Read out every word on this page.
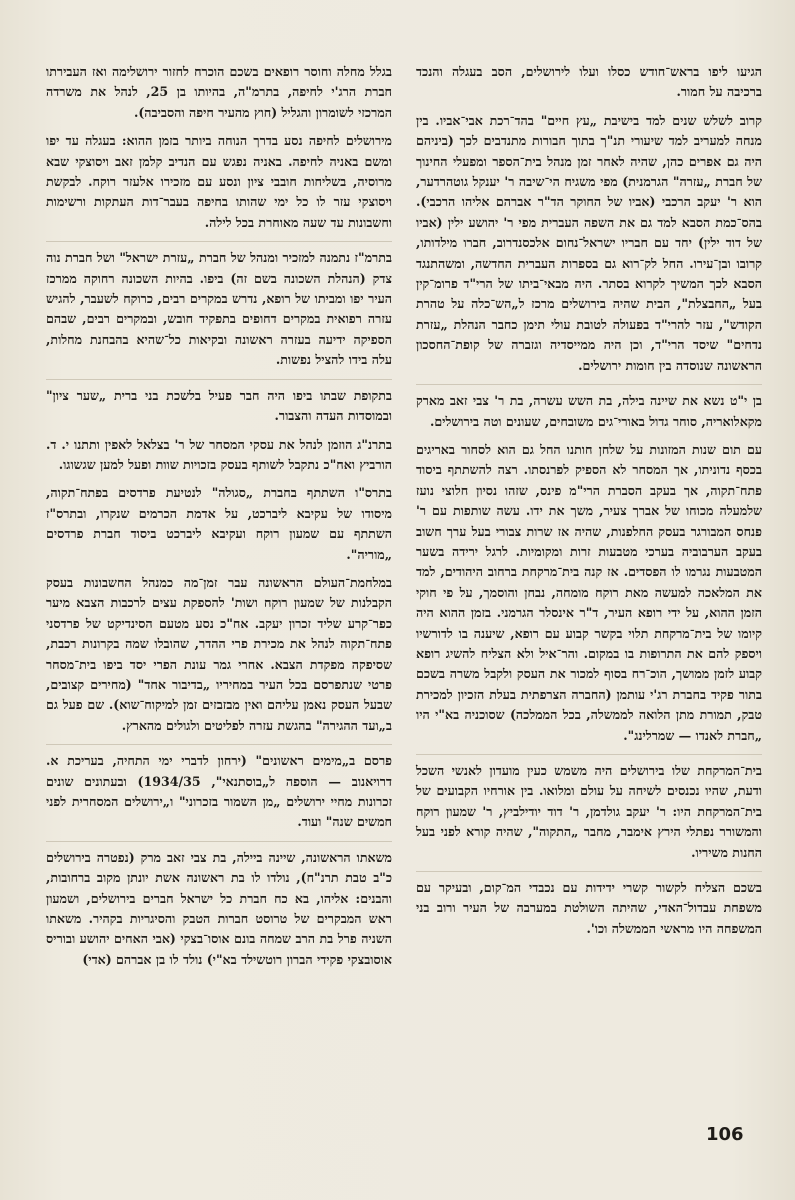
הגיעו ליפו בראש־חודש כסלו ועלו לירושלים, הסב בעגלה והנכד ברכיבה על חמור.

קרוב לשלש שנים למד בישיבת „עץ חיים" בהד־רכת אבי־אביו. בין מנחה למעריב למד שיעורי תנ"ך בתוך חבורות מתנדבים לכך (ביניהם היה גם אפרים כהן, שהיה לאחר זמן מנהל בית־הספר ומפעלי החינוך של חברת „עזרה" הגרמנית) מפי משגיח הי־שיבה ר' יענקל גוטהרדער, הוא ר' יעקב הרכבי (אביו של החוקר הד"ר אברהם אליהו הרכבי). בהס־כמת הסבא למד גם את השפה העברית מפי ר' יהושע ילין (אביו של דוד ילין) יחד עם חבריו ישראל־נחום אלכסנדרוב, חברו מילדותו, קרובו ובן־עירו. החל לק־רוא גם בספרות העברית החדשה, ומשהתנגד הסבא לכך המשיך לקרוא בסתר. היה מבאי־ביתו של הרי"ד פרומ־קין בעל „החבצלת", הבית שהיה בירושלים מרכז ל„הש־כלה על טהרת הקודש", עזר להרי"ד בפעולה לטובת עולי תימן כחבר הנהלת „עזרת נדחים" שיסד הרי"ד, וכן היה ממייסדיה וגזברה של קופת־החסכון הראשונה שנוסדה בין חומות ירושלים.

בן י"ט נשא את שיינה בילה, בת השש עשרה, בת ר' צבי זאב מארק מקאלואריה, סוחר גדול באורי־גים משובחים, שעונים וטה בירושלים.

עם תום שנות המזונות על שלחן חותנו החל גם הוא לסחור באריגים בכסף נדוניתו, אך המסחר לא הספיק לפרנסתו. רצה להשתתף ביסוד פתח־תקוה, אך בעקב הסברת הרי"מ פינס, שזהו נסיון חלוצי נועז שלמעלה מכוחו של אברך צעיר, משך את ידו. עשה שותפות עם ר' פנחס המבורגר בעסק החלפנות, שהיה אז שרות צבורי בעל ערך חשוב בעקב הערבוביה בערכי מטבעות זרות ומקומיות. לרגל ירידה בשער המטבעות נגרמו לו הפסדים. אז קנה בית־מרקחת ברחוב היהודים, למד את המלאכה למעשה מאת רוקח מומחה, נבחן והוסמך, על פי חוקי הזמן ההוא, על ידי רופא העיר, ד"ר אינסלר הגרמני. בזמן ההוא היה קיומו של בית־מרקחת תלוי בקשר קבוע עם רופא, שיענה בו לדורשיו ויספק להם את התרופות בו במקום. והר־איל ולא הצליח להשיג רופא קבוע לזמן ממושך, הוכ־רח בסוף למכור את העסק ולקבל משרה בשכם בתור פקיד בחברת רג'י עותמן (החברה הצרפתית בעלת הזכיון למכירת טבק, תמורת מתן הלואה לממשלה, בכל הממלכה) שסוכניה בא"י היו „חברת לאנדו — שמרלינג".

בית־המרקחת שלו בירושלים היה משמש כעין מועדון לאנשי השכל ודעת, שהיו נכנסים לשיחה על עולם ומלואו. בין אורחיו הקבועים של בית־המרקחת היו: ר' יעקב גולדמן, ר' דוד יודילביץ, ר' שמעון רוקח והמשורר נפתלי הירץ אימבר, מחבר „התקוה", שהיה קורא לפני בעל החנות משיריו.

בשכם הצליח לקשור קשרי ידידות עם נכבדי המ־קום, ובעיקר עם משפחת עבדול־האדי, שהיתה השולטת במערבה של העיר ורוב בני המשפחה היו מראשי הממשלה וכו'.

בגלל מחלה וחוסר רופאים בשכם הוכרח לחזור ירושלימה ואז העבירתו חברת הרג'י לחיפה, בתרמ"ה, בהיותו בן 25, לנהל את משרדה המרכזי לשומרון והגליל (חוץ מהעיר חיפה והסביבה).

מירושלים לחיפה נסע בדרך הנוחה ביותר בזמן ההוא: בעגלה עד יפו ומשם באניה לחיפה. באניה נפגש עם הנדיב קלמן זאב ויסוצקי שבא מרוסיה, בשליחות חובבי ציון ונסע עם מזכירו אלעזר רוקח. לבקשת ויסוצקי עזר לו כל ימי שהותו בחיפה בעבר־דות העתקות ורשימות וחשבונות עד שעה מאוחרת בכל לילה.

בתרמ"ז נתמנה למזכיר ומנהל של חברת „עזרת ישראל" ושל חברת נוה צדק (הנהלת השכונה בשם זה) ביפו. בהיות השכונה רחוקה ממרכז העיר יפו ומביתו של רופא, נדרש במקרים רבים, כרוקח לשעבר, להגיש עזרה רפואית במקרים דחופים בתפקיד חובש, ובמקרים רבים, שבהם הספיקה ידיעה בעזרה ראשונה ובקיאות כל־שהיא בהבחנת מחלות, עלה בידו להציל נפשות.

בתקופת שבתו ביפו היה חבר פעיל בלשכת בני ברית „שער ציון" ובמוסדות העדה והצבור.

בתרנ"ג הוזמן לנהל את עסקי המסחר של ר' בצלאל לאפין ותתנו י. ד. הורביץ ואח"כ נתקבל לשותף בעסק בזכויות שוות ופעל למען שגשוגו.

בתרס"ו השתתף בחברת „סגולה" לנטיעת פרדסים בפתח־תקוה, מיסודו של עקיבא ליברכט, על אדמת הכרמים שנקרו, ובתרס"ז השתתף עם שמעון רוקח ועקיבא ליברכט ביסוד חברת פרדסים „מוריה".

במלחמת־העולם הראשונה עבר זמן־מה כמנהל החשבונות בעסק הקבלנות של שמעון רוקח ושות' להספקת עצים לרכבות הצבא מיער כפר־קרע שליד זכרון יעקב. אח"כ נסע מטעם הסינדיקט של פרדסני פתח־תקוה לנהל את מכירת פרי ההדר, שהובלו שמה בקרונות רכבת, שסיפקה מפקדת הצבא. אחרי גמר עונת הפרי יסד ביפו בית־מסחר פרטי שנתפרסם בכל העיר במחיריו „בדיבור אחד" (מחירים קצובים, שבעל העסק נאמן עליהם ואין מבזבזים זמן למיקוח־שוא). שם פעל גם ב„ועד ההגירה" בהגשת עזרה לפליטים ולגולים מהארץ.

פרסם ב„מימים ראשונים" (ירחון לדברי ימי התחיה, בעריכת א. דרויאנוב — הוספה ל„בוסתנאי", 1934/35) ובעתונים שונים זכרונות מחיי ירושלים „מן השמור בזכרוני" ו„ירושלים המסחרית לפני חמשים שנה" ועוד.

משאתו הראשונה, שיינה ביילה, בת צבי זאב מרק (נפטרה בירושלים כ"ב טבת תרנ"ח), נולדו לו בת ראשונה אשת יונתן מקוב ברחובות, והבנים: אליהו, בא כח חברת כל ישראל חברים בירושלים, ושמעון ראש המבקרים של טרוסט חברות הטבק והסיגריות בקהיר. משאתו השניה פרל בת הרב שמחה בונם אוסו־בצקי (אבי האחים יהושע ובוריס אוסובצקי פקידי הברון רוטשילד בא"י) נולד לו בן אברהם (אדי)

106
